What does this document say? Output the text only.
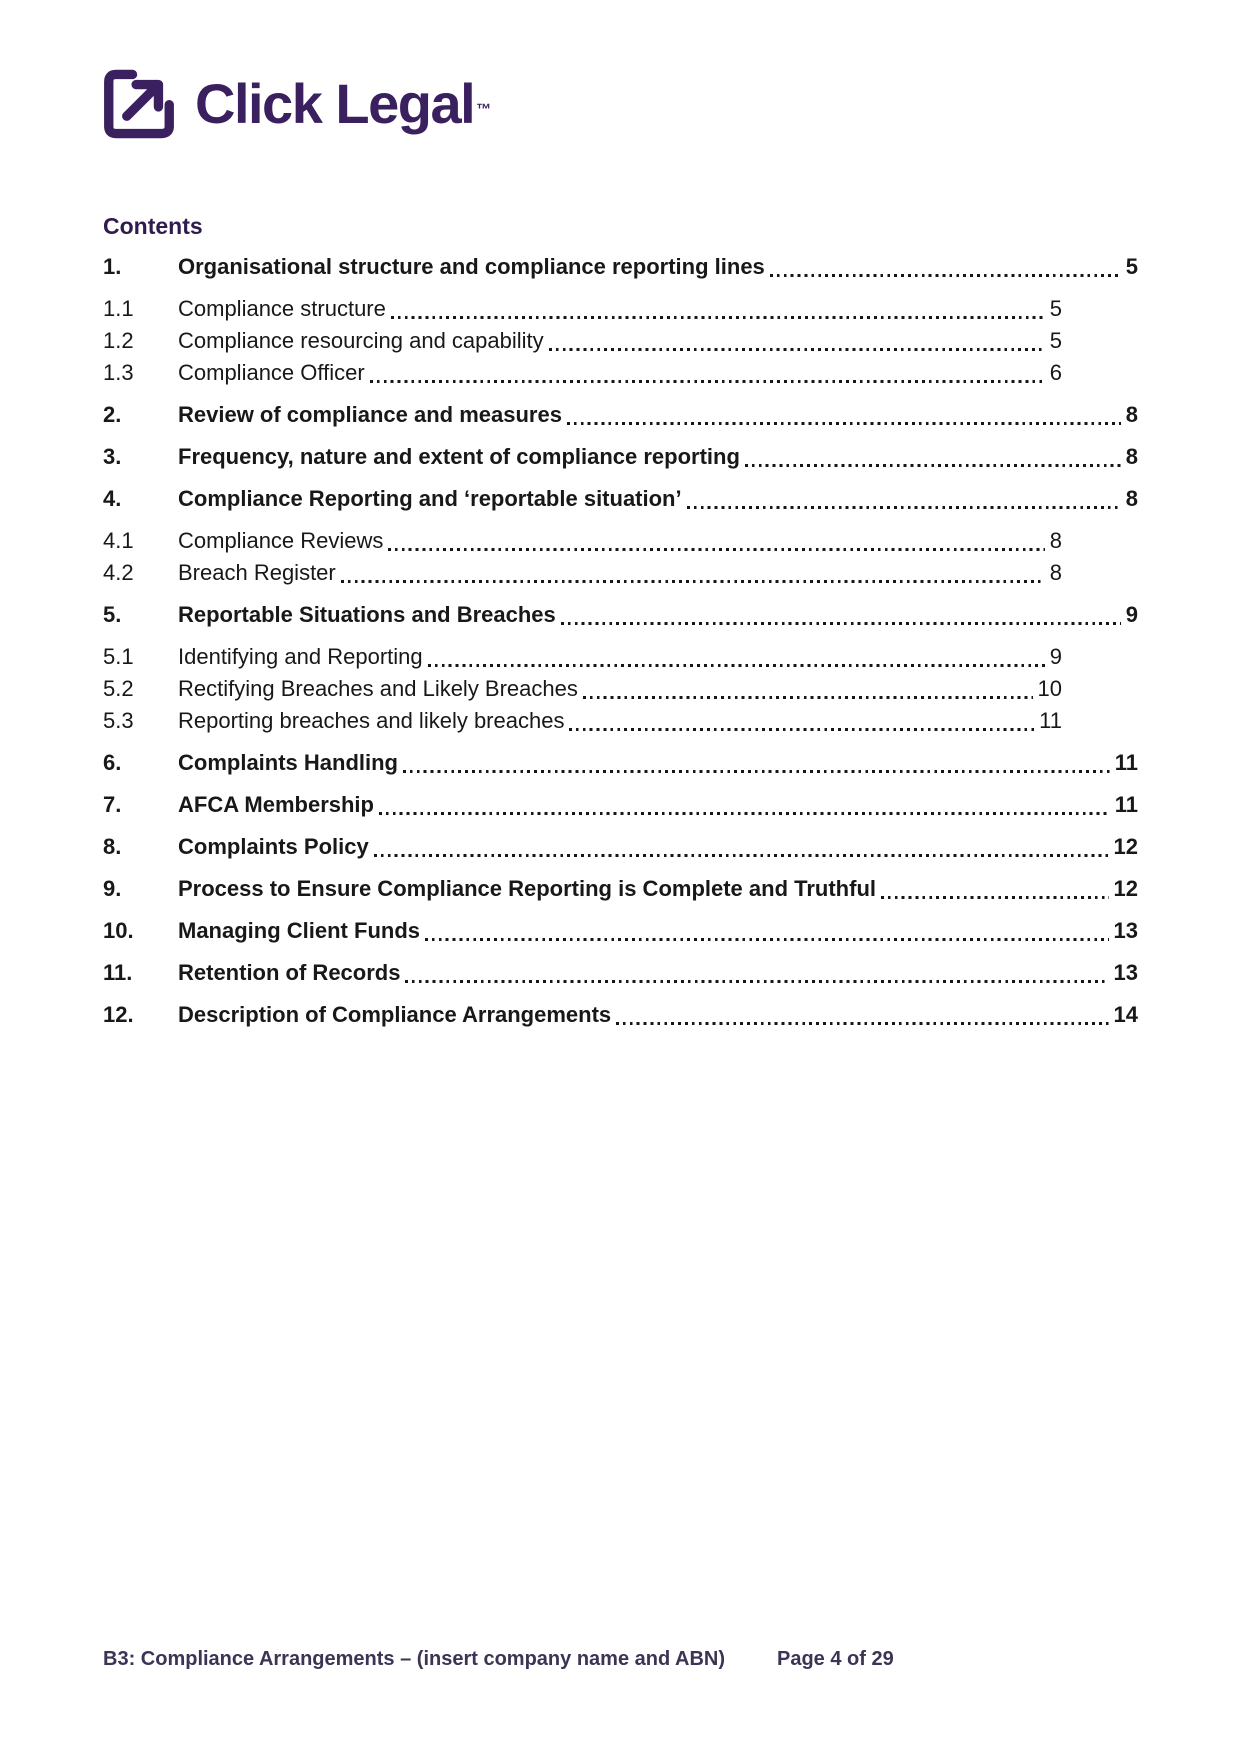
Click Legal ™
Contents
1.	Organisational structure and compliance reporting lines	5
1.1	Compliance structure	5
1.2	Compliance resourcing and capability	5
1.3	Compliance Officer	6
2.	Review of compliance and measures	8
3.	Frequency, nature and extent of compliance reporting	8
4.	Compliance Reporting and ‘reportable situation’	8
4.1	Compliance Reviews	8
4.2	Breach Register	8
5.	Reportable Situations and Breaches	9
5.1	Identifying and Reporting	9
5.2	Rectifying Breaches and Likely Breaches	10
5.3	Reporting breaches and likely breaches	11
6.	Complaints Handling	11
7.	AFCA Membership	11
8.	Complaints Policy	12
9.	Process to Ensure Compliance Reporting is Complete and Truthful	12
10.	Managing Client Funds	13
11.	Retention of Records	13
12.	Description of Compliance Arrangements	14
B3: Compliance Arrangements – (insert company name and ABN)	Page 4 of 29
